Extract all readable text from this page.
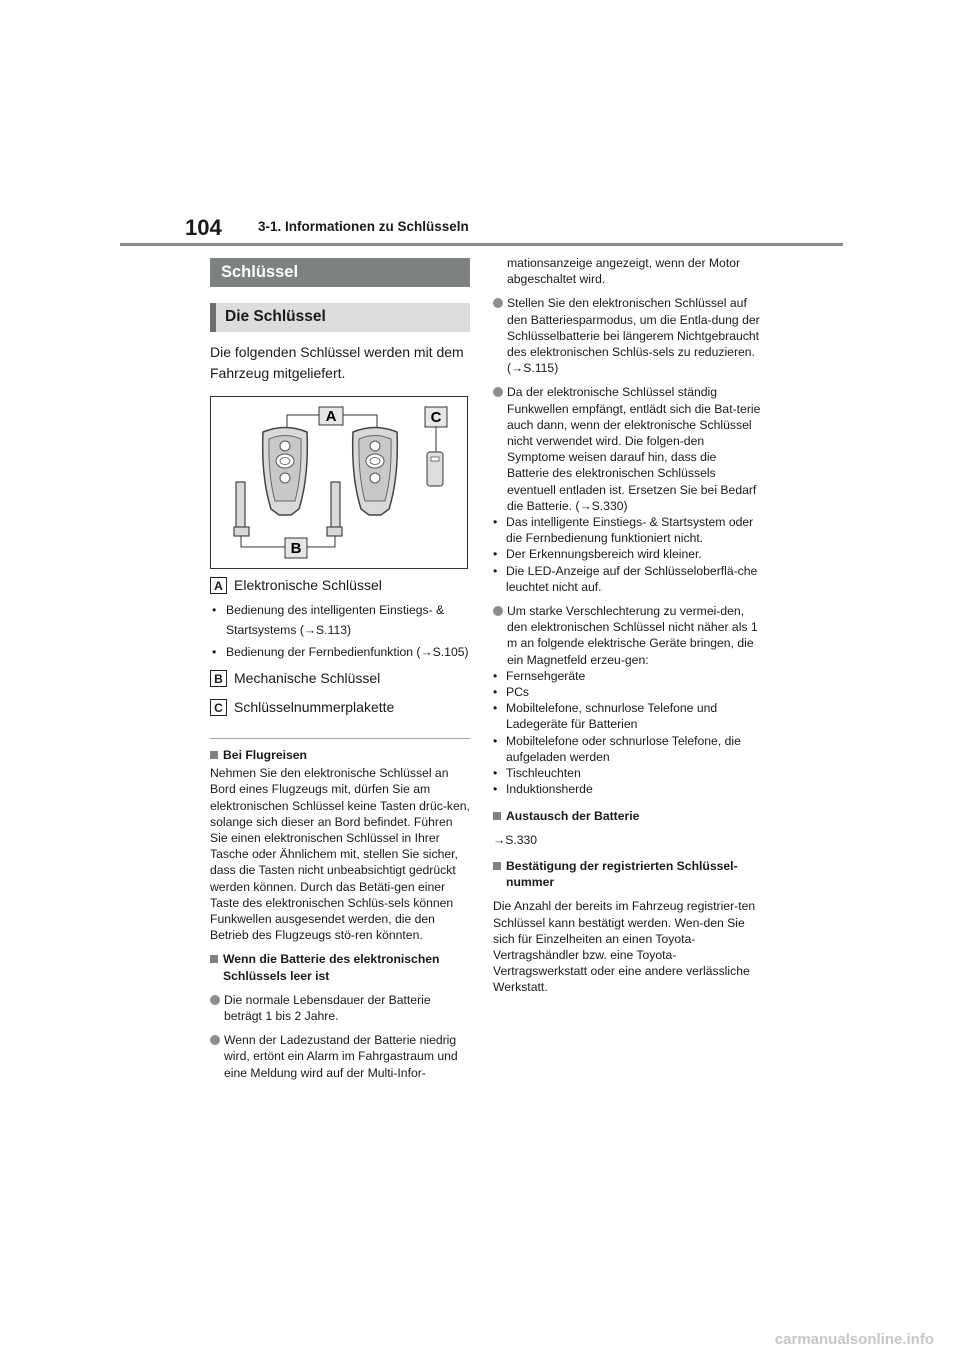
104	3-1. Informationen zu Schlüsseln
Schlüssel
Die Schlüssel
Die folgenden Schlüssel werden mit dem Fahrzeug mitgeliefert.
A	C
B
A Elektronische Schlüssel
• Bedienung des intelligenten Einstiegs- & Startsystems (→S.113)
• Bedienung der Fernbedienfunktion (→S.105)
B Mechanische Schlüssel
C Schlüsselnummerplakette
Bei Flugreisen

Nehmen Sie den elektronische Schlüssel an Bord eines Flugzeugs mit, dürfen Sie am elektronischen Schlüssel keine Tasten drüc-ken, solange sich dieser an Bord befindet. Führen Sie einen elektronischen Schlüssel in Ihrer Tasche oder Ähnlichem mit, stellen Sie sicher, dass die Tasten nicht unbeabsichtigt gedrückt werden können. Durch das Betäti-gen einer Taste des elektronischen Schlüs-sels können Funkwellen ausgesendet werden, die den Betrieb des Flugzeugs stö-ren könnten.

Wenn die Batterie des elektronischen Schlüssels leer ist
Die normale Lebensdauer der Batterie beträgt 1 bis 2 Jahre.
Wenn der Ladezustand der Batterie niedrig wird, ertönt ein Alarm im Fahrgastraum und eine Meldung wird auf der Multi-Infor-
mationsanzeige angezeigt, wenn der Motor abgeschaltet wird.
Stellen Sie den elektronischen Schlüssel auf den Batteriesparmodus, um die Entla-dung der Schlüsselbatterie bei längerem Nichtgebraucht des elektronischen Schlüs-sels zu reduzieren. (→S.115)
Da der elektronische Schlüssel ständig Funkwellen empfängt, entlädt sich die Bat-terie auch dann, wenn der elektronische Schlüssel nicht verwendet wird. Die folgen-den Symptome weisen darauf hin, dass die Batterie des elektronischen Schlüssels eventuell entladen ist. Ersetzen Sie bei Bedarf die Batterie. (→S.330)
• Das intelligente Einstiegs- & Startsystem oder die Fernbedienung funktioniert nicht.
• Der Erkennungsbereich wird kleiner.
• Die LED-Anzeige auf der Schlüsseloberflä-che leuchtet nicht auf.
Um starke Verschlechterung zu vermei-den, den elektronischen Schlüssel nicht näher als 1 m an folgende elektrische Geräte bringen, die ein Magnetfeld erzeu-gen:
• Fernsehgeräte
• PCs
• Mobiltelefone, schnurlose Telefone und Ladegeräte für Batterien
• Mobiltelefone oder schnurlose Telefone, die aufgeladen werden
• Tischleuchten
• Induktionsherde
Austausch der Batterie

→S.330

Bestätigung der registrierten Schlüssel-nummer

Die Anzahl der bereits im Fahrzeug registrier-ten Schlüssel kann bestätigt werden. Wen-den Sie sich für Einzelheiten an einen Toyota-Vertragshändler bzw. eine Toyota-Vertragswerkstatt oder eine andere verlässliche Werkstatt.

carmanualsonline.info
